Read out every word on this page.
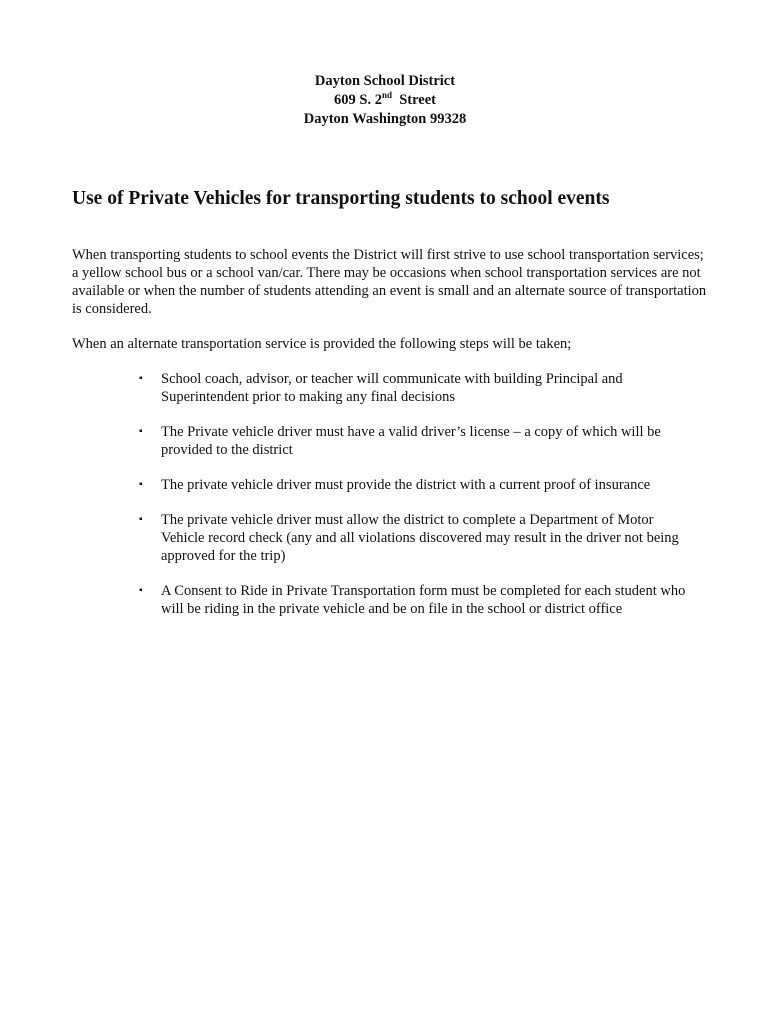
Dayton School District
609 S. 2nd  Street
Dayton Washington 99328
Use of Private Vehicles for transporting students to school events

When transporting students to school events the District will first strive to use school transportation services; a yellow school bus or a school van/car. There may be occasions when school transportation services are not available or when the number of students attending an event is small and an alternate source of transportation is considered.

When an alternate transportation service is provided the following steps will be taken;

▪ School coach, advisor, or teacher will communicate with building Principal and Superintendent prior to making any final decisions
▪ The Private vehicle driver must have a valid driver’s license – a copy of which will be provided to the district
▪ The private vehicle driver must provide the district with a current proof of insurance
▪ The private vehicle driver must allow the district to complete a Department of Motor Vehicle record check (any and all violations discovered may result in the driver not being approved for the trip)
▪ A Consent to Ride in Private Transportation form must be completed for each student who will be riding in the private vehicle and be on file in the school or district office
